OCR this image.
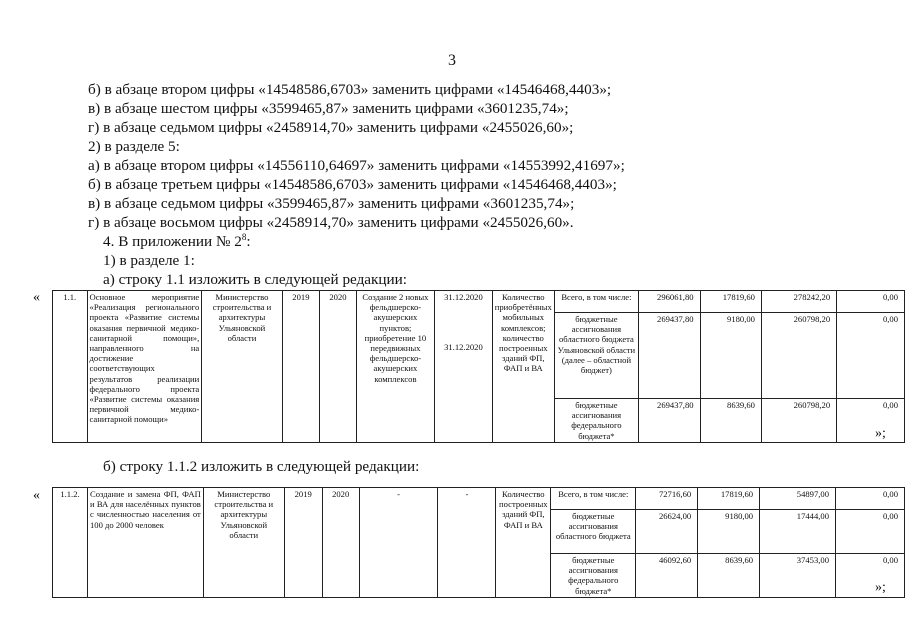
3
б) в абзаце втором цифры «14548586,6703» заменить цифрами «14546468,4403»;
в) в абзаце шестом цифры «3599465,87» заменить цифрами «3601235,74»;
г) в абзаце седьмом цифры «2458914,70» заменить цифрами «2455026,60»;
2) в разделе 5:
а) в абзаце втором цифры «14556110,64697» заменить цифрами «14553992,41697»;
б) в абзаце третьем цифры «14548586,6703» заменить цифрами «14546468,4403»;
в) в абзаце седьмом цифры «3599465,87» заменить цифрами «3601235,74»;
г) в абзаце восьмом цифры «2458914,70» заменить цифрами «2455026,60».
4. В приложении № $2^8$:
1) в разделе 1:
а) строку 1.1 изложить в следующей редакции:
«	1.1.	Основное мероприятие «Реализация регионального проекта «Развитие системы оказания первичной медико-санитарной помощи», направленного на достижение соответствующих результатов реализации федерального проекта «Развитие системы оказания первичной медико-санитарной помощи»	Министерство строительства и архитектуры Ульяновской области	2019	2020	Создание 2 новых фельдшерско-акушерских пунктов; приобретение 10 передвижных фельдшерско-акушерских комплексов	31.12.2020
31.12.2020	Количество приобретённых мобильных комплексов; количество построенных зданий ФП, ФАП и ВА	Всего, в том числе:	296061,80	17819,60	278242,20	0,00
								бюджетные ассигнования областного бюджета Ульяновской области (далее – областной бюджет)	269437,80	9180,00	260798,20	0,00
								бюджетные ассигнования федерального бюджета*	269437,80	8639,60	260798,20	0,00
»;
б) строку 1.1.2 изложить в следующей редакции:
« 1.1.2.	Создание и замена ФП, ФАП и ВА для населённых пунктов с численностью населения от 100 до 2000 человек	Министерство строительства и архитектуры Ульяновской области	2019	2020	-	-	Количество построенных зданий ФП, ФАП и ВА	Всего, в том числе:	72716,60	17819,60	54897,00	0,00
								бюджетные ассигнования областного бюджета	26624,00	9180,00	17444,00	0,00
								бюджетные ассигнования федерального бюджета*	46092,60	8639,60	37453,00	0,00
»;
